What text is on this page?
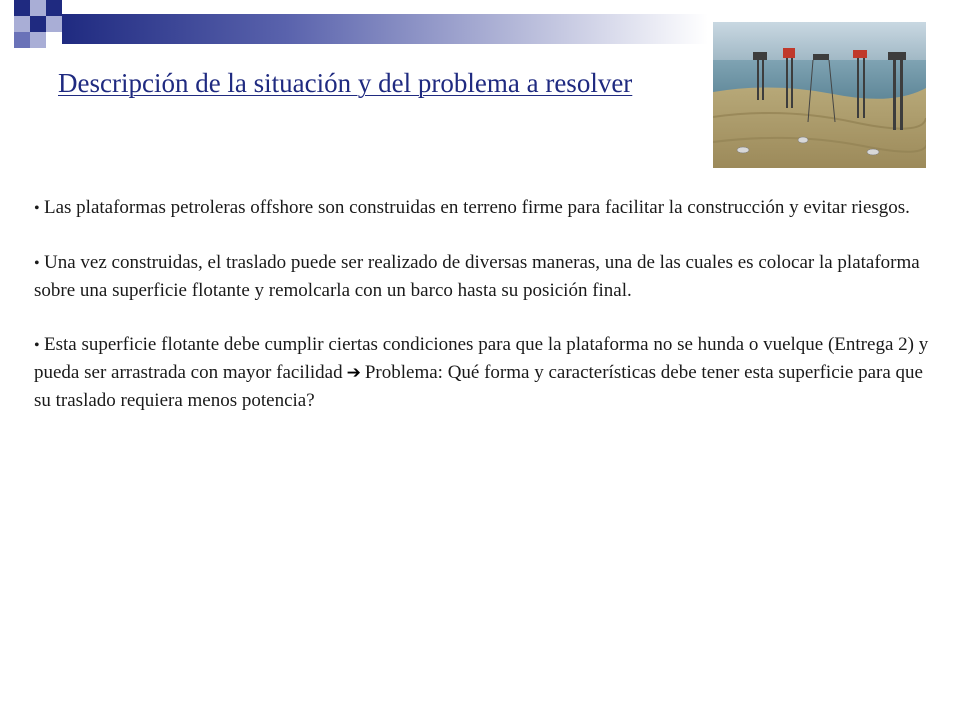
Descripción de la situación y del problema a resolver

• Las plataformas petroleras offshore son construidas en terreno firme para facilitar la construcción y evitar riesgos.

• Una vez construidas, el traslado puede ser realizado de diversas maneras, una de las cuales es colocar la plataforma sobre una superficie flotante y remolcarla con un barco hasta su posición final.

• Esta superficie flotante debe cumplir ciertas condiciones para que la plataforma no se hunda o vuelque (Entrega 2) y pueda ser arrastrada con mayor facilidad ➔ Problema: Qué forma y características debe tener esta superficie para que su traslado requiera menos potencia?
